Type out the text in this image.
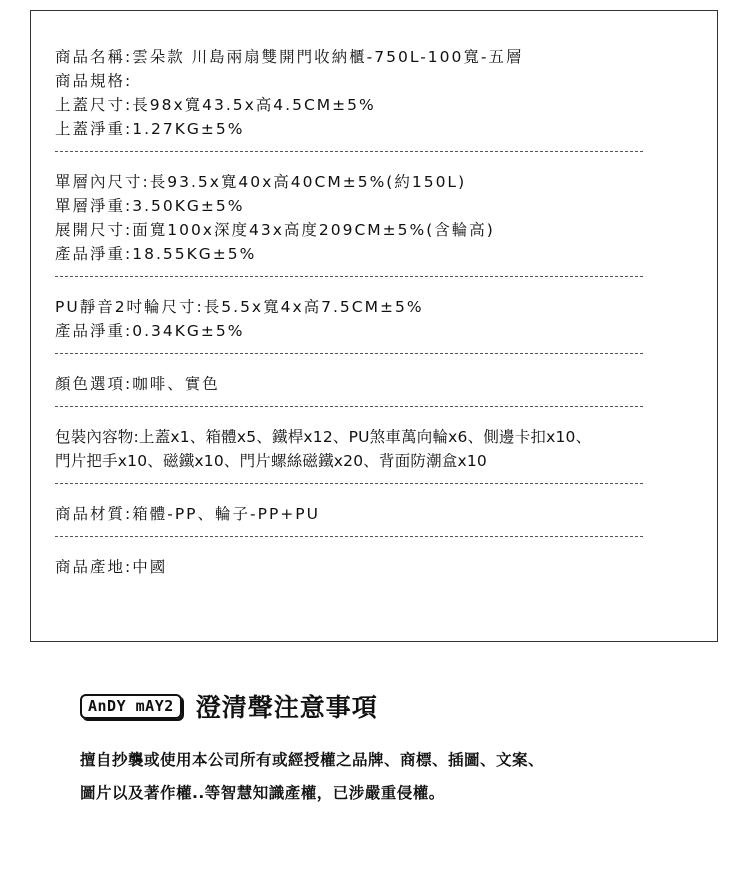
商品名稱:雲朵款 川島兩扇雙開門收納櫃-750L-100寬-五層
商品規格:
上蓋尺寸:長98x寬43.5x高4.5CM±5%
上蓋淨重:1.27KG±5%
單層內尺寸:長93.5x寬40x高40CM±5%(約150L)
單層淨重:3.50KG±5%
展開尺寸:面寬100x深度43x高度209CM±5%(含輪高)
產品淨重:18.55KG±5%
PU靜音2吋輪尺寸:長5.5x寬4x高7.5CM±5%
產品淨重:0.34KG±5%
顏色選項:咖啡、實色
包裝內容物:上蓋x1、箱體x5、鐵桿x12、PU煞車萬向輪x6、側邊卡扣x10、
門片把手x10、磁鐵x10、門片螺絲磁鐵x20、背面防潮盒x10
商品材質:箱體-PP、輪子-PP+PU
商品產地:中國
AnDY mAY2 澄清聲注意事項
擅自抄襲或使用本公司所有或經授權之品牌、商標、插圖、文案、
圖片以及著作權..等智慧知識產權，已涉嚴重侵權。
